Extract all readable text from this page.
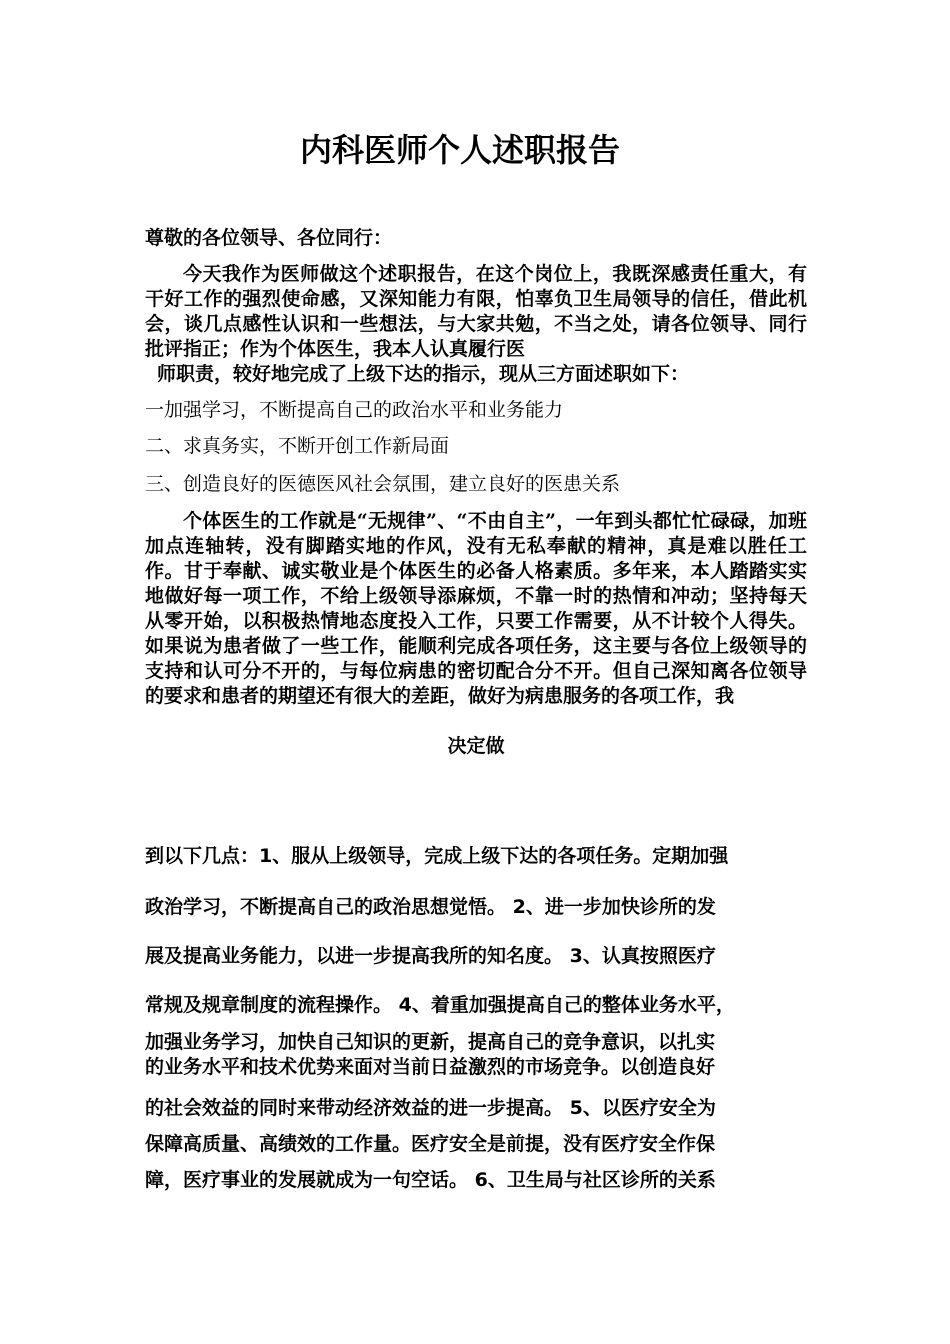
内科医师个人述职报告
尊敬的各位领导、各位同行：
今天我作为医师做这个述职报告，在这个岗位上，我既深感责任重大，有干好工作的强烈使命感，又深知能力有限，怕辜负卫生局领导的信任，借此机会，谈几点感性认识和一些想法，与大家共勉，不当之处，请各位领导、同行批评指正；作为个体医生，我本人认真履行医
师职责，较好地完成了上级下达的指示，现从三方面述职如下：
一加强学习，不断提高自己的政治水平和业务能力
二、求真务实，不断开创工作新局面
三、创造良好的医德医风社会氛围，建立良好的医患关系
个体医生的工作就是“无规律”、“不由自主”，一年到头都忙忙碌碌，加班加点连轴转，没有脚踏实地的作风，没有无私奉献的精神，真是难以胜任工作。甘于奉献、诚实敬业是个体医生的必备人格素质。多年来，本人踏踏实实地做好每一项工作，不给上级领导添麻烦，不靠一时的热情和冲动；坚持每天从零开始，以积极热情地态度投入工作，只要工作需要，从不计较个人得失。如果说为患者做了一些工作，能顺利完成各项任务，这主要与各位上级领导的支持和认可分不开的，与每位病患的密切配合分不开。但自己深知离各位领导的要求和患者的期望还有很大的差距，做好为病患服务的各项工作，我
决定做
到以下几点：1、服从上级领导，完成上级下达的各项任务。定期加强
政治学习，不断提高自己的政治思想觉悟。 2、进一步加快诊所的发
展及提高业务能力，以进一步提高我所的知名度。 3、认真按照医疗
常规及规章制度的流程操作。 4、着重加强提高自己的整体业务水平，
加强业务学习，加快自己知识的更新，提高自己的竞争意识，以扎实
的业务水平和技术优势来面对当前日益激烈的市场竞争。以创造良好
的社会效益的同时来带动经济效益的进一步提高。 5、以医疗安全为
保障高质量、高绩效的工作量。医疗安全是前提，没有医疗安全作保
障，医疗事业的发展就成为一句空话。 6、卫生局与社区诊所的关系
